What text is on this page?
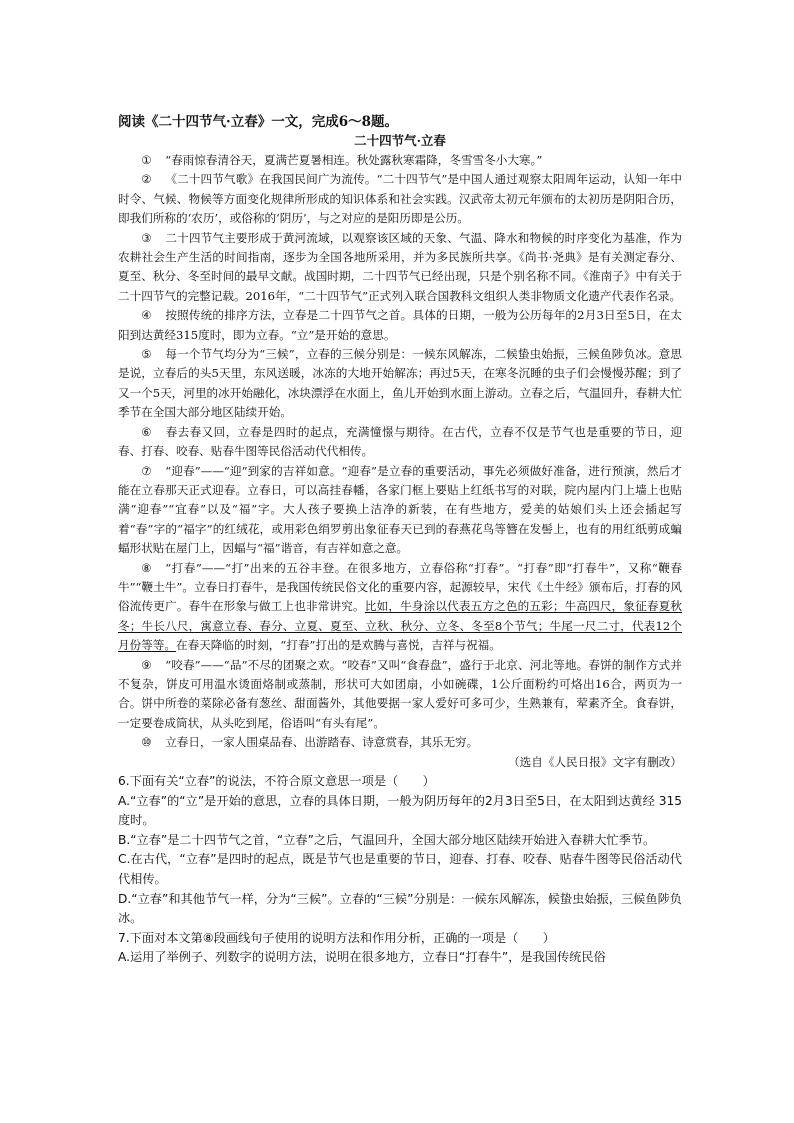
阅读《二十四节气·立春》一文，完成6～8题。

二十四节气·立春

① “春雨惊春清谷天，夏满芒夏暑相连。秋处露秋寒霜降，冬雪雪冬小大寒。”

② 《二十四节气歌》在我国民间广为流传。“二十四节气”是中国人通过观察太阳周年运动，认知一年中时令、气候、物候等方面变化规律所形成的知识体系和社会实践。汉武帝太初元年颁布的太初历是阴阳合历，即我们所称的‘农历’，或俗称的‘阴历’，与之对应的是阳历即是公历。

③ 二十四节气主要形成于黄河流域，以观察该区域的天象、气温、降水和物候的时序变化为基准，作为农耕社会生产生活的时间指南，逐步为全国各地所采用，并为多民族所共享。《尚书·尧典》是有关测定春分、夏至、秋分、冬至时间的最早文献。战国时期，二十四节气已经出现，只是个别名称不同。《淮南子》中有关于二十四节气的完整记载。2016年，“二十四节气”正式列入联合国教科文组织人类非物质文化遗产代表作名录。

④ 按照传统的排序方法，立春是二十四节气之首。具体的日期，一般为公历每年的2月3日至5日，在太阳到达黄经315度时，即为立春。“立”是开始的意思。

⑤ 每一个节气均分为“三候”，立春的三候分别是：一候东风解冻，二候蛰虫始振，三候鱼陟负冰。意思是说，立春后的头5天里，东风送暖，冰冻的大地开始解冻；再过5天，在寒冬沉睡的虫子们会慢慢苏醒；到了又一个5天，河里的冰开始融化，冰块漂浮在水面上，鱼儿开始到水面上游动。立春之后，气温回升，春耕大忙季节在全国大部分地区陆续开始。

⑥ 春去春又回，立春是四时的起点，充满憧憬与期待。在古代，立春不仅是节气也是重要的节日，迎春、打春、咬春、贴春牛图等民俗活动代代相传。

⑦ “迎春”——“迎”到家的吉祥如意。“迎春”是立春的重要活动，事先必须做好准备，进行预演，然后才能在立春那天正式迎春。立春日，可以高挂春幡，各家门框上要贴上红纸书写的对联，院内屋内门上墙上也贴满“迎春”“宜春”以及“福”字。大人孩子要换上洁净的新装，在有些地方，爱美的姑娘们头上还会插起写着“春”字的“福字”的红绒花，或用彩色绢罗剪出象征春天已到的春燕花鸟等簪在发髻上，也有的用红纸剪成蝙蝠形状贴在屋门上，因蝠与“福”谐音，有吉祥如意之意。

⑧ “打春”——“打”出来的五谷丰登。在很多地方，立春俗称“打春”。“打春”即“打春牛”，又称“鞭春牛”“鞭土牛”。立春日打春牛，是我国传统民俗文化的重要内容，起源较早，宋代《土牛经》颁布后，打春的风俗流传更广。春牛在形象与做工上也非常讲究。比如，牛身涂以代表五方之色的五彩；牛高四尺，象征春夏秋冬；牛长八尺，寓意立春、春分、立夏、夏至、立秋、秋分、立冬、冬至8个节气；牛尾一尺二寸，代表12个月份等等。在春天降临的时刻，“打春”打出的是欢腾与喜悦，吉祥与祝福。

⑨ “咬春”——“品”不尽的团聚之欢。“咬春”又叫“食春盘”，盛行于北京、河北等地。春饼的制作方式并不复杂，饼皮可用温水烫面烙制或蒸制，形状可大如团扇，小如碗碟，1公斤面粉约可烙出16合，两页为一合。饼中所卷的菜除必备有葱丝、甜面酱外，其他要据一家人爱好可多可少，生熟兼有，荤素齐全。食春饼，一定要卷成筒状，从头吃到尾，俗语叫“有头有尾”。

⑩ 立春日，一家人围桌品春、出游踏春、诗意赏春，其乐无穷。

（选自《人民日报》文字有删改）

6.下面有关“立春”的说法，不符合原文意思一项是（　　）

A.“立春”的“立”是开始的意思，立春的具体日期，一般为阴历每年的2月3日至5日，在太阳到达黄经 315度时。

B.“立春”是二十四节气之首，“立春”之后，气温回升，全国大部分地区陆续开始进入春耕大忙季节。

C.在古代，“立春”是四时的起点，既是节气也是重要的节日，迎春、打春、咬春、贴春牛图等民俗活动代代相传。

D.“立春”和其他节气一样，分为“三候”。立春的“三候”分别是：一候东风解冻，候蛰虫始振，三候鱼陟负冰。

7.下面对本文第⑧段画线句子使用的说明方法和作用分析，正确的一项是（　　）

A.运用了举例子、列数字的说明方法，说明在很多地方，立春日“打春牛”，是我国传统民俗
